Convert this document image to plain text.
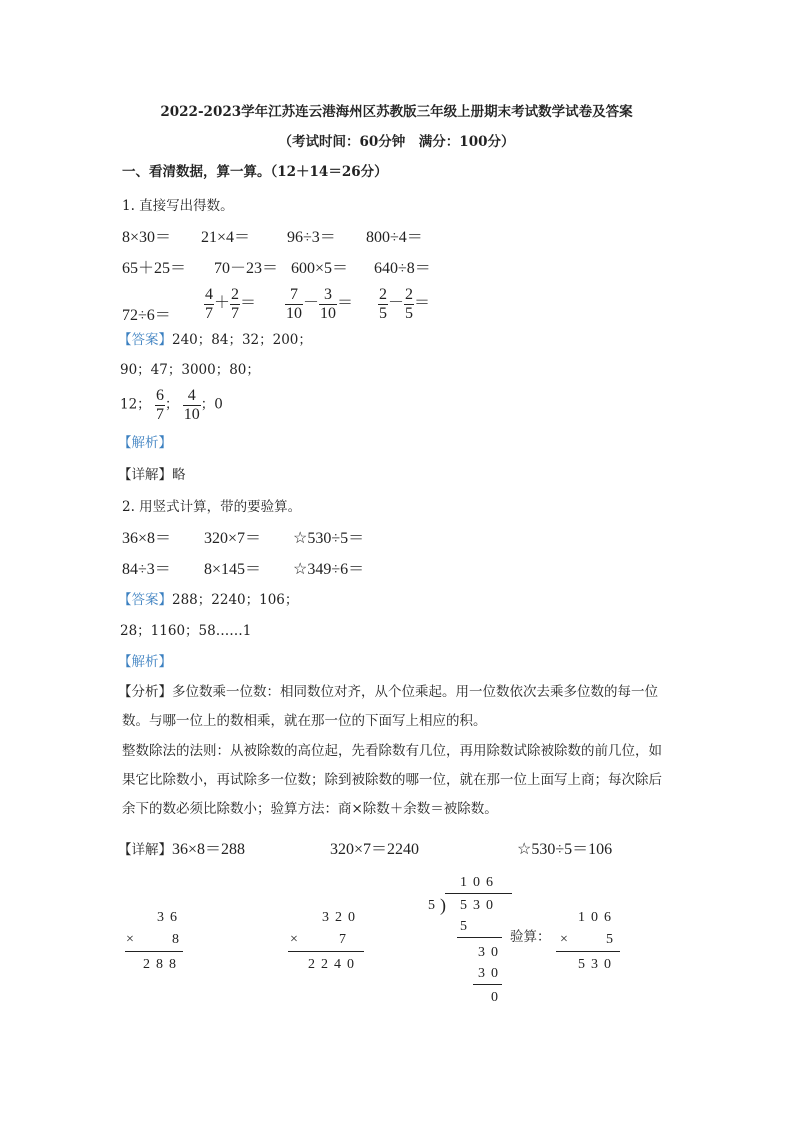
2022-2023学年江苏连云港海州区苏教版三年级上册期末考试数学试卷及答案
（考试时间：60分钟　满分：100分）
一、看清数据，算一算。（12＋14＝26分）
1. 直接写出得数。
8×30＝ 21×4＝ 96÷3＝ 800÷4＝
65＋25＝ 70－23＝ 600×5＝ 640÷8＝
$72\div 6= \frac{4}{7} + \frac{2}{7} = \frac{7}{10} - \frac{3}{10} = \frac{2}{5} - \frac{2}{5}$ ＝
【答案】240；84；32；200；
90；47；3000；80；
12； $\frac{6}{7}$ ； $\frac{4}{10}$ ；0
【解析】
【详解】略
2. 用竖式计算，带的要验算。
36×8＝ 320×7＝ ☆530÷5＝
84÷3＝ 8×145＝ ☆349÷6＝
【答案】288；2240；106；
28；1160；58……1
【解析】
【分析】多位数乘一位数：相同数位对齐，从个位乘起。用一位数依次去乘多位数的每一位
数。与哪一位上的数相乘，就在那一位的下面写上相应的积。
整数除法的法则：从被除数的高位起，先看除数有几位，再用除数试除被除数的前几位，如
果它比除数小，再试除多一位数；除到被除数的哪一位，就在那一位上面写上商；每次除后
余下的数必须比除数小；验算方法：商×除数＋余数＝被除数。
【详解】36×8＝288	320×7＝2240	☆530÷5＝106
36
× 8
288
320
×	7
2240
106
5 ) 530
5
30
30
0
验算：
106
× 5
530
